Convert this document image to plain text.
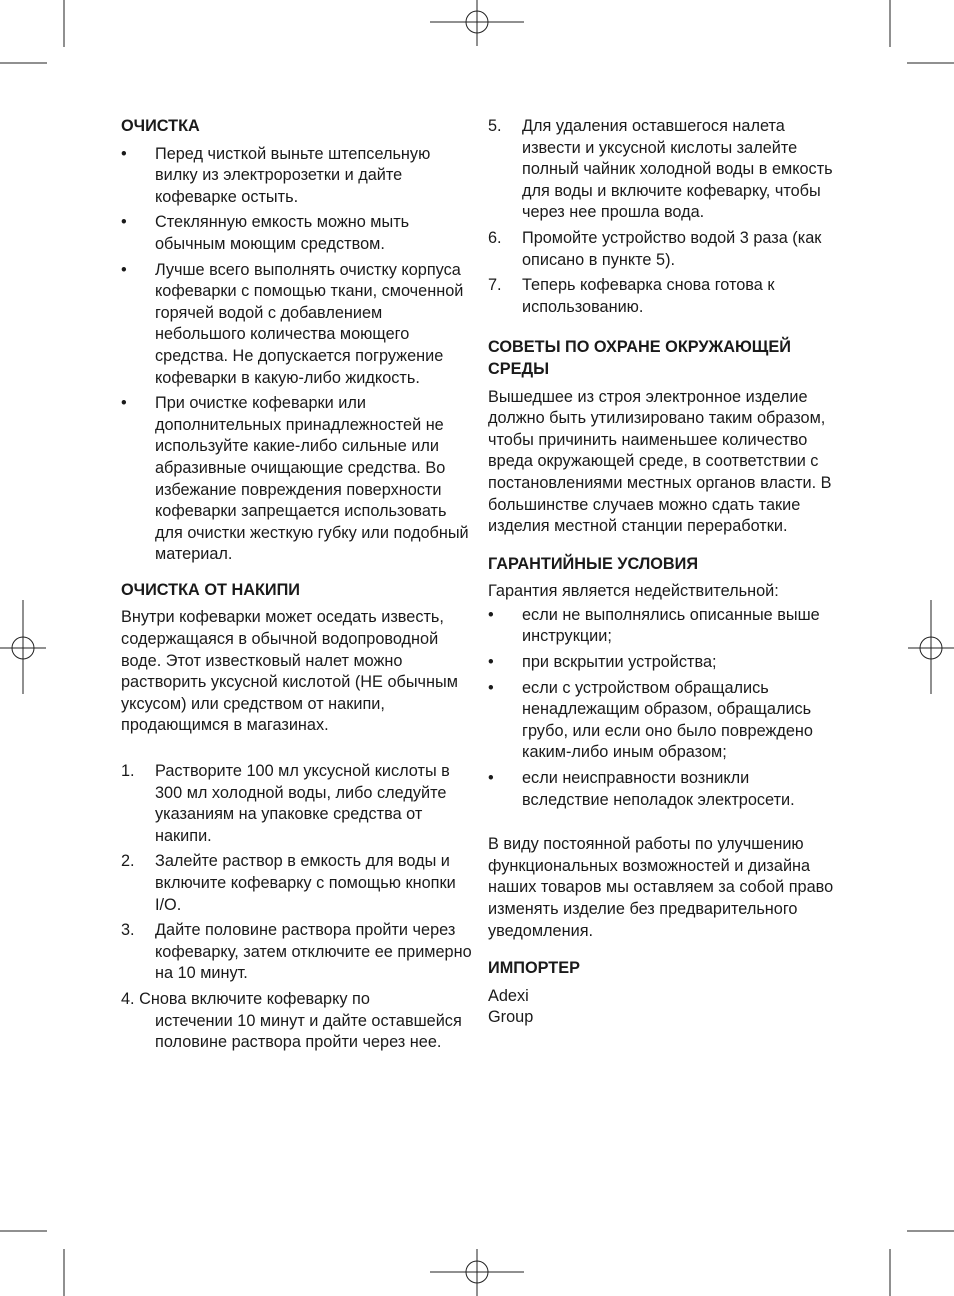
ОЧИСТКА
• Перед чисткой выньте штепсельную вилку из электророзетки и дайте кофеварке остыть.

• Стеклянную емкость можно мыть обычным моющим средством.

• Лучше всего выполнять очистку корпуса кофеварки с помощью ткани, смоченной горячей водой с добавлением небольшого количества моющего средства. Не допускается погружение кофеварки в какую-либо жидкость.

• При очистке кофеварки или дополнительных принадлежностей не используйте какие-либо сильные или абразивные очищающие средства. Во избежание повреждения поверхности кофеварки запрещается использовать для очистки жесткую губку или подобный материал.

ОЧИСТКА ОТ НАКИПИ

Внутри кофеварки может оседать известь, содержащаяся в обычной водопроводной воде. Этот известковый налет можно растворить уксусной кислотой (НЕ обычным уксусом) или средством от накипи, продающимся в магазинах.

1. Растворите 100 мл уксусной кислоты в 300 мл холодной воды, либо следуйте указаниям на упаковке средства от накипи.

2. Залейте раствор в емкость для воды и включите кофеварку с помощью кнопки I/O.

3. Дайте половине раствора пройти через кофеварку, затем отключите ее примерно на 10 минут.

4. Снова включите кофеварку по

истечении 10 минут и дайте оставшейся половине раствора пройти через нее.

5. Для удаления оставшегося налета извести и уксусной кислоты залейте полный чайник холодной воды в емкость для воды и включите кофеварку, чтобы через нее прошла вода.

6. Промойте устройство водой 3 раза (как описано в пункте 5).

7. Теперь кофеварка снова готова к использованию.

СОВЕТЫ ПО ОХРАНЕ ОКРУЖАЮЩЕЙ СРЕДЫ

Вышедшее из строя электронное изделие должно быть утилизировано таким образом, чтобы причинить наименьшее количество вреда окружающей среде, в соответствии с постановлениями местных органов власти. В большинстве случаев можно сдать такие изделия местной станции переработки.

ГАРАНТИЙНЫЕ УСЛОВИЯ

Гарантия является недействительной:

• если не выполнялись описанные выше инструкции;

• при вскрытии устройства;

• если с устройством обращались ненадлежащим образом, обращались грубо, или если оно было повреждено каким-либо иным образом;

• если неисправности возникли вследствие неполадок электросети.

В виду постоянной работы по улучшению функциональных возможностей и дизайна наших товаров мы оставляем за собой право изменять изделие без предварительного уведомления.

ИМПОРТЕР

Adexi

Group
